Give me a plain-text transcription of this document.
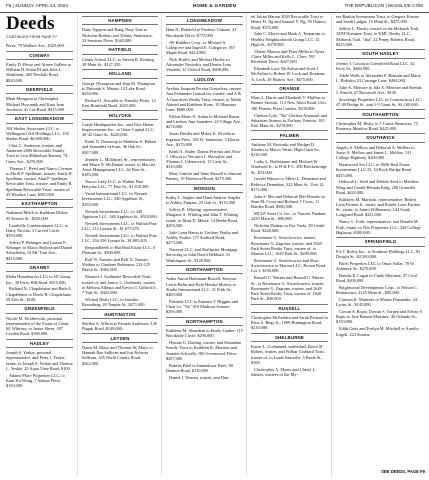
F6 | SUNDAY, APRIL 14, 2024	HOME & GARDEN	THE REPUBLICAN | MASSLIVE.COM
Deeds
CONTINUED FROM PAGE F7

Perez, 79 Wallace Ave., $325,000.

CONWAY

Emily D. Howe and Aimee Gallese to William H. Kuhn III and Julie L. Washburn, 482 Newhall Road, $820,000.

DEERFIELD

Mark Mongeon to Christopher Michael Hyvonnik and Kara Jean Jacobson, 41 Lee Road, $415,000.

EAST LONGMEADOW

104 Shaker Associates LLC, to Wellington CSA Holdings LLC, 104 Shaker Road, $6,698,000.

Clint C. Andersen, trustee, and Andersen 2006 Revocable Family Trust to Lisa Mikkelson Barnett, 74 Gates Ave., $270,000.

Thomas C. Reed and Nancy Cormier to Ebrill P. Spellman, trustee, Emily R. Spellman, trustee, Alan P. Spellman Revocable Trust, trustee, and Emily R. Spellman Revocable Trust, trustee of 43 Windsor Lane, $505,000.

EASTHAMPTON

Nathaniel Mitch to Kathleen Dillon, 95 Everett St., $235,000.

Loudville Condominiums LLC, to Daisy Nicolai, 3 Curved Circle, $559,900.

Jeffrey P. Belanger and Lauren E. Belanger to Marco Bedoya and Daniel Schieffelin, 10 Mt. Tom Ave., $433,000.

GRANBY

Malta Homebuyers LLC to JD Group Inc., 38 Ferry Hill Road, $515,000.

Richard N. Chapdelaine and Beth A. Chapdelaine to Derek R. Chapdelaine, 58 East St., $100.

GREENFIELD

Nicole M. Wroblewski, personal representative of the Estate of Linda M. Whitney, to James Sheer, 187 Leyden Road, $360,000.

HADLEY

Joseph S. Yeskie, personal representative, and Peter J. Yeskie, estate, to Joseph S. Yeskie and Therese L. Yeskie, 25 Aqua Vitae Road, $100.

Adams Place Properties LLC, to Kam Kit Wong, 7 Adams Place, $150,000.

HAMPDEN

Dany Nguyen and Hang Thuy Tran to Nicholas Bodeau and Tiffany Simbieucz, 33 Sessions Drive, $340,000.

HATFIELD

Center School LLC, to Steven R. Keating, 38 Main St., $127,250.

HOLLAND

George Thompson and Jean M. Thompson to Deborah S. Martin, 12 Lake Road, $250,000.

Richard J. Arscadle to Timothy Piche, 14 East Brimfield Road, $435,000.

HOLYOKE

Castle Headquarters Inc., and New Home Improvements Inc., to Outer Capital LLC, 40-42 Gates St., $220,000.

Keith N. Destromp to Matthew A. Hebert and Samantha Sylvain, 36 Oak St., $307,000.

Jennifer L. McDaniel, Sr., representative, and Maria N. McDaniel, estate, to Marcial Asset Management LLC, 64 Pine St., $185,000.

Nuovo Lady LLC, to Walnut Pine Holyoke LLC, 77 Pine St., $1,358,300.

Varad International LLC, to Nevaeh Investments LLC, 340 Appleton St., $350,000.

Nevaeh Investments LLC, to 340 Appleton LLC, 340 Appleton St., $510,000.

Nevaeh Investments LLC, to Walnut Pine LLC, 212 Lyman St., $1,675,676.

Nevaeh Investments LLC, to Walnut Pine LLC, 234-236 Lyman St., $1,005,405.

Respondfeeds to Hut Real Estate LLC, 0 Pleasant St., $300,000.

Rolf N. Nazario and Rolf N. Nazario Medina to Charlene Robinson, 123-125 Beech St., $365,000.

Maurice J. Guilmette Revocable Trust, trustee of, and Janice L. Guilmette, trustee, to Melissa Alfaqui and Kevin G. Gifford Jr., 7 Yale St., $425,000.

Wicked Deals LLC, to Jennifer Rosenberg, 20 Temple St., $271,000.

HUNTINGTON

Shelley A. Wilton to Pamela Anderson, 140 Pisgah Road, $140,000.

LEYDEN

Dawn M. Mayo and Thomas W. Mayo to Hannah Rae Sullivan and Jori Roberta Sullivan, 435 North County Road, $262,000.

LONGMEADOW

Ham N. Hakfield to Frederic Galarze, 21 Brookside Drive, $775,000.

JW Builders Corp., to Michael S. Colegrove and Ingrid E. Colegrove, 567 Maple Road, $414,900.

Nick Hurley and Melissa Hurley to Alexander Nevitskiy and Denise Iyna Vendola, 32 Oxford Road, $600,000.

LUDLOW

Avelina Joaquim Pereira Goncalves, trustee, Ana Fernandes Goncalves, trustee, and A & A Goncalves Realty Trust, trustee, to Nahdi Ahmed and Kathleen Kone, 10 Manzana Lane, $680,000.

Fallon Marie N. Aubin to Michael Beaus and Lindsey Ann Saunders, 24 Village Ave., $274,000.

Jason Divella and Mikey K. Divella to Ingemar Pires, 158 W. Jambeson, 3 Dawes Ave., $270,000.

Keith A. Andre, Danna Ferreira and Alice J. Oliscot to Veronica I. Showalter and Thomas J. Urbanovich, 15 Cady St., $310,000.

Mary Cantler and Irene Russell to Simone Pauzey, 19 Pinewood Road, $279,500.

MONSON

Kathy L. Staples and Dana Andrew Staples to Ashley Putnam, 25 Oak St., $115,000.

Jeffrey R. Whiting, representative, Margaret A. Whiting and John T. Whiting, estate, to Ryan D. Masse, 14 Beebe Road, $255,000.

Julie Lynn Harris to Zachary Poulin and Ashley Poulin, 177 Stafford Road, $273,000.

Naverus LLC, and Shellpoint Mortgage Servicing to John David Hebbard, 33 Washington St., $126,000.

NORTHAMPTON

Asher Aaron Hartmann-Russell, Kenyon Lewis-Belin and Kyle Hoiska-Mulvey to Studio International LLC, 31 Fifth St., $465,000.

Fennelis LLC to Emmett T. Higgins and Chris Le, "Na" 810 Madison Avenue, $295,000.

NORTHAMPTON

Kathleen M. Shanahan to Emily Lauber, 115 Brookside Circle, $290,000.

Hyman G. Darling, trustee, and Shanahan Family Trust to Kathleen K. Marteus and Jennifer Schwalb, 106 Greenwood Drive, $457,000.

Rakesh Patel to Jnaneshwar Patel, 80 Dannon Road, $130,000.

Daniel J. Warren, trustee, and Dan-

iel Julian Warren 2020 Revocable Trust to Henry H. Ng and Samuel Y. Ng, 95 Damon Road, $370,000.

Julie C. Meyer and Mark A. Teeparsan to Healthy Neighborhoods Group LLC, 41 High St., $378,000.

Valerie Marcus and Peter Miller to Yuwa Claire Miller and Kelly L. Claes, 591 Riverside Drive, $427,000.

Elizabeth Lacy McArthur and Scott J. McArthur to Robert W. Lock and Roxanne A. Lock, 29 Harlow Ave., $475,000.

ORANGE

Mary L. Harris and Elizabeth V. Mullins to Bonnie Stewart, 113 New Athol Road, Unit 100 Pioneer Plaza Condos, $230,000.

Chelsea Cole, "Na" Chelsea Arsenault and Sebastian Arseno, to Zachary Venezia, 105 East Main St., $270,000.

PALMER

Anthony M. Rovinski and Bridget D. Zendris to Marco Verne, High Chair St., $110,000.

Cathy L. Berthiaume and Michael W. Wardwell Jr., to H & F C, 290 Breckenridge St., $53,000.

Gerald Watson to Albert L. Dermaine and Rebecca Demaktas, 322 Main St., Unit 12, $172,000.

John S. Mei and Deborah Mei Macedo to Sean M. Cross and Richard J. Cross, 11 Burden Road, $300,000.

MCLP Asset Co. Inc., to Vincent Nardner, 2250 Main St., $90,000.

Nicholas Dadeau to Kor Vaala, 29 Gould Road, $228,000.

Rosemarie G. Swiechowicz, trustee, Rosemarie G. Zagrano, trustee, and 1628 Park Street Realty Trust, trustee of, to Marion LLC, 1629 Park St., $200,000.

Rosemarie G. Swiechowicz and Shoe Swiechowicz to Marion LLC, Breton Road, Lot 1, $100,000.

Russell C. Warner and Russell C. Marier Sr., to Rosemarie G. Swiechowicz, trustee, Rosemarie G. Zagrano, trustee, and 1628 Park Street Realty Trust, trustee of, 1628 Park St., $30,000.

RUSSELL

Christopher McFadden and Sarah Richard to Peter S. Rego Jr., 1099 Huntington Road, $210,000.

SHELBURNE

Karen L. Godamand, individual, Bruce B. Robert, trustee, and Wilbur Goddard Trust, trustee of, to Linda Sausville, 5 Beale St., $100.

Christopher A. Myers and Cheryl L. Sankes, trustees of the My-

ers-Rankin Investment Trust, to Gregory Krause and Sarah Ludgar, 19 Main St., $475,000.

Jeffrey L. Pinsky, trustee of the Mohawk Trail ATM Nominee Trust, to KMC Realty LLC, Mohawk Trail, "aka" 22 Penny Roberts Road, $225,000.

SOUTH HADLEY

Jeremy J. Cotton to Greenfield Road LLC, 42 Ferry St., $460,000.

Adele Wells to Alexander F. Bokotin and Marie L. Bokotin, 23 Carriage Lane, $494,000.

Julie A. Mercure to Jule A. Mercure and Brenda J. Arnold, 27 Roosevelt Ave., $100.

Sovereign Properties LLC to Construction LLC, 47-49 Bridge St., and 1-3 Grant St., $1,100,000.

SOUTHAMPTON

Christopher M. Healy to J. Curtis Shumway, 75 Pomeroy Meadow Road, $425,000.

SOUTHWICK

Angelo S. Mellors and Deborah A. Mellors to Jason A. Mellors and James L. Mellors, 511 College Highway, $200,000.

Brianwood Six LLC, to SMS Real Estate Investments LLC 23, 54 Rock Bridge Road, $455,000.

Deborah L. Seed and Debbie Seed to Matthew Wing and Gerald Belinda King, 200 Granville Road, $420,000.

Kathleen M. Marinak, representative, Robert Leon Furtner Jr., estate, and Robert Leon Furtner Sr., estate, to James Williamson, 144 South Longyard Road, $221,000.

Nancy L. Frith, representative, and Donald M. Frith, estate, to Wix Properties LLC, 329 College Highway, $300,000.

SPRINGFIELD

8 S C Realty Inc., to Southern Holdings LLC, 83 Dwight St., $2,300,000.

Birch Properties LLC to Omar Vallar, 78 W. Ashmore St., $270,000.

Brenda E. Logan to Cindy Martinez, 37 Cecil Road, $200,000.

Brightwood Development Corp., to Nelson C. Bettencourt, 2145 Main St., $80,000.

Carmen K. Martinez to Martin Fernandez, 24 Lyons St., $145,000.

Cowan S. Rojas, Dowan S. Turpen and Edwin V. Rojas to Jose Ramon Martinez, 46 Orlando St., $150,000.

Edith Ortiz and Evelyn M. Mitchell to Aurelio Iorgeli, 223 Sunrise

SEE DEEDS, PAGE F9
